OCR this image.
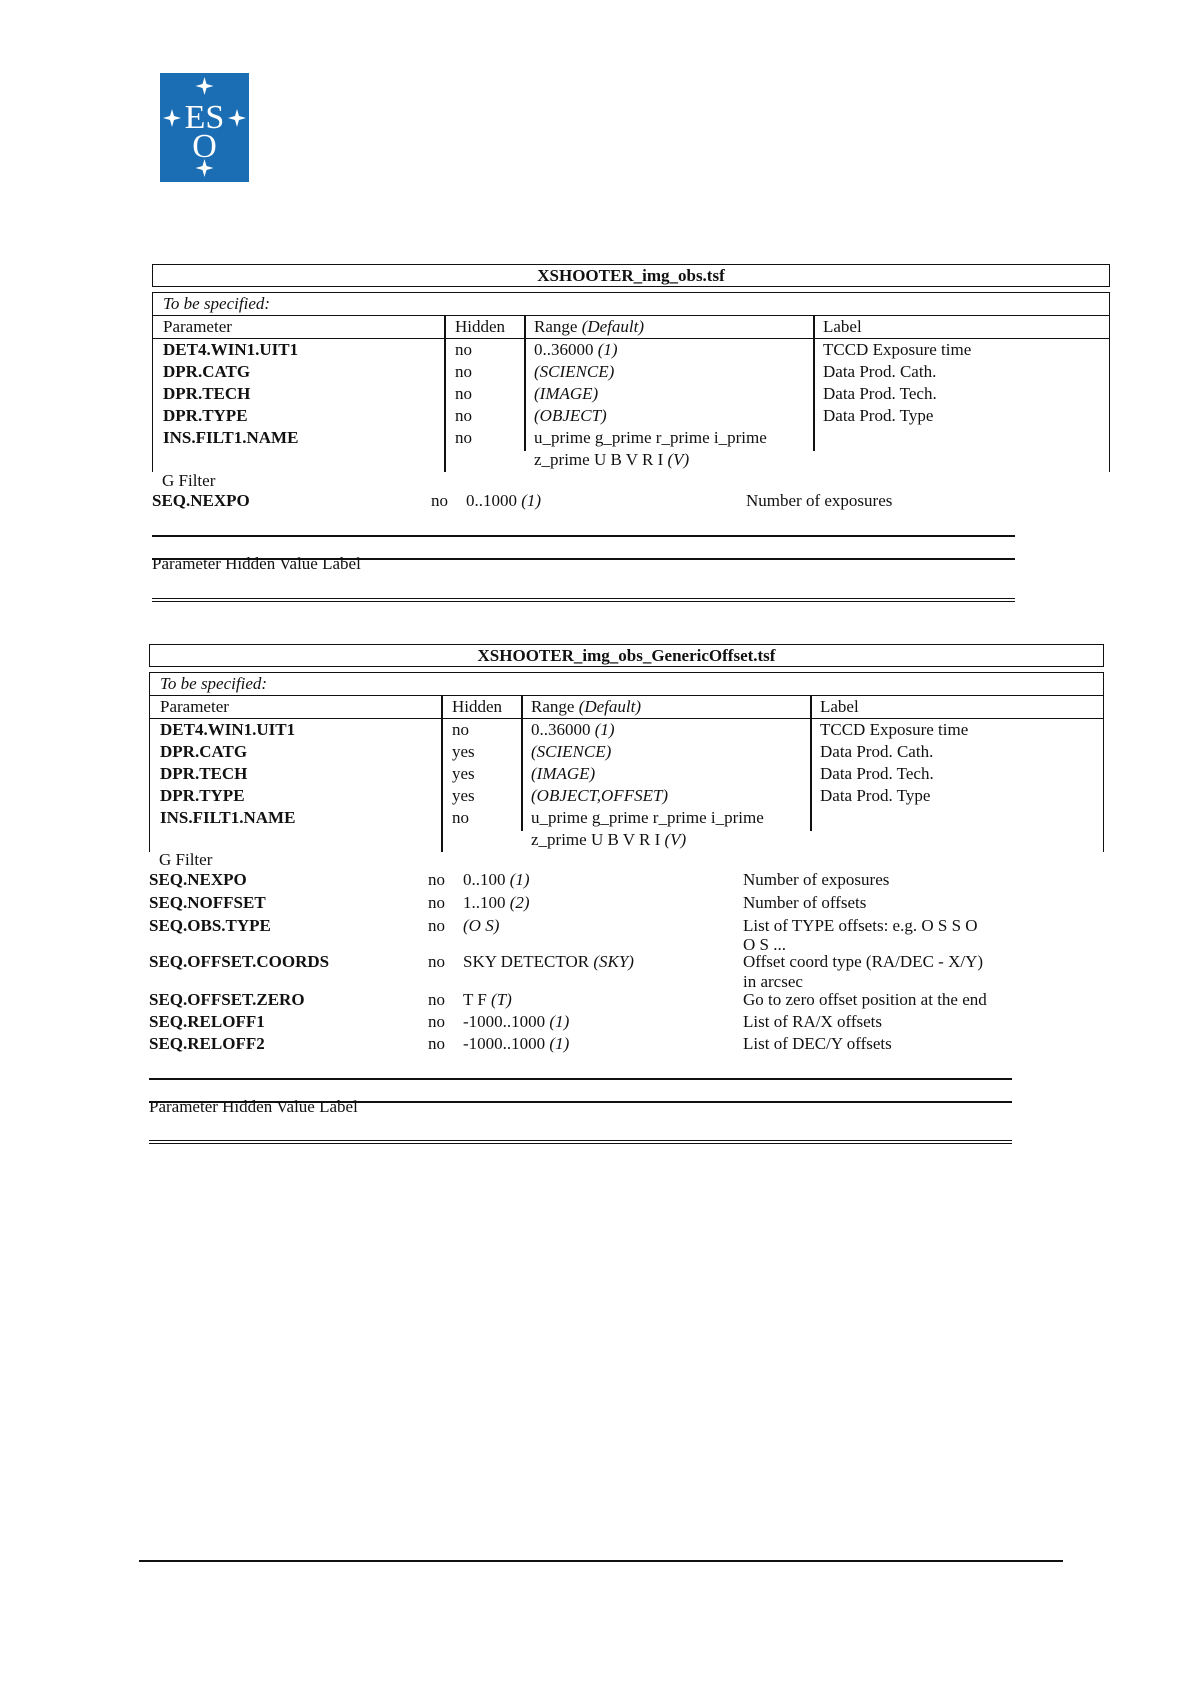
ES
O
XSHOOTER_img_obs.tsf
To be specified:
Parameter	Hidden Range (Default)	Label
DET4.WIN1.UIT1	no	0..36000 (1)	TCCD Exposure time
DPR.CATG	no	(SCIENCE)	Data Prod. Cath.
DPR.TECH	no	(IMAGE)	Data Prod. Tech.
DPR.TYPE	no	(OBJECT)	Data Prod. Type
INS.FILT1.NAME	no	u_prime g_prime r_prime i_prime
z_prime U B V R I (V)
G Filter
SEQ.NEXPO	no 0..1000 (1)	Number of exposures
Parameter Hidden Value Label
XSHOOTER_img_obs_GenericOffset.tsf
To be specified:
Parameter	Hidden Range (Default)	Label
DET4.WIN1.UIT1	no	0..36000 (1)	TCCD Exposure time
DPR.CATG	yes	(SCIENCE)	Data Prod. Cath.
DPR.TECH	yes	(IMAGE)	Data Prod. Tech.
DPR.TYPE	yes	(OBJECT,OFFSET)	Data Prod. Type
INS.FILT1.NAME	no	u_prime g_prime r_prime i_prime
z_prime U B V R I (V)
G Filter
SEQ.NEXPO	no 0..100 (1)	Number of exposures
SEQ.NOFFSET	no 1..100 (2)	Number of offsets
SEQ.OBS.TYPE	no (O S)	List of TYPE offsets: e.g. O S S O
O S ...
SEQ.OFFSET.COORDS	no SKY DETECTOR (SKY)	Offset coord type (RA/DEC - X/Y)
in arcsec
SEQ.OFFSET.ZERO	no T F (T)	Go to zero offset position at the end
SEQ.RELOFF1	no -1000..1000 (1)	List of RA/X offsets
SEQ.RELOFF2	no -1000..1000 (1)	List of DEC/Y offsets
Parameter Hidden Value Label
